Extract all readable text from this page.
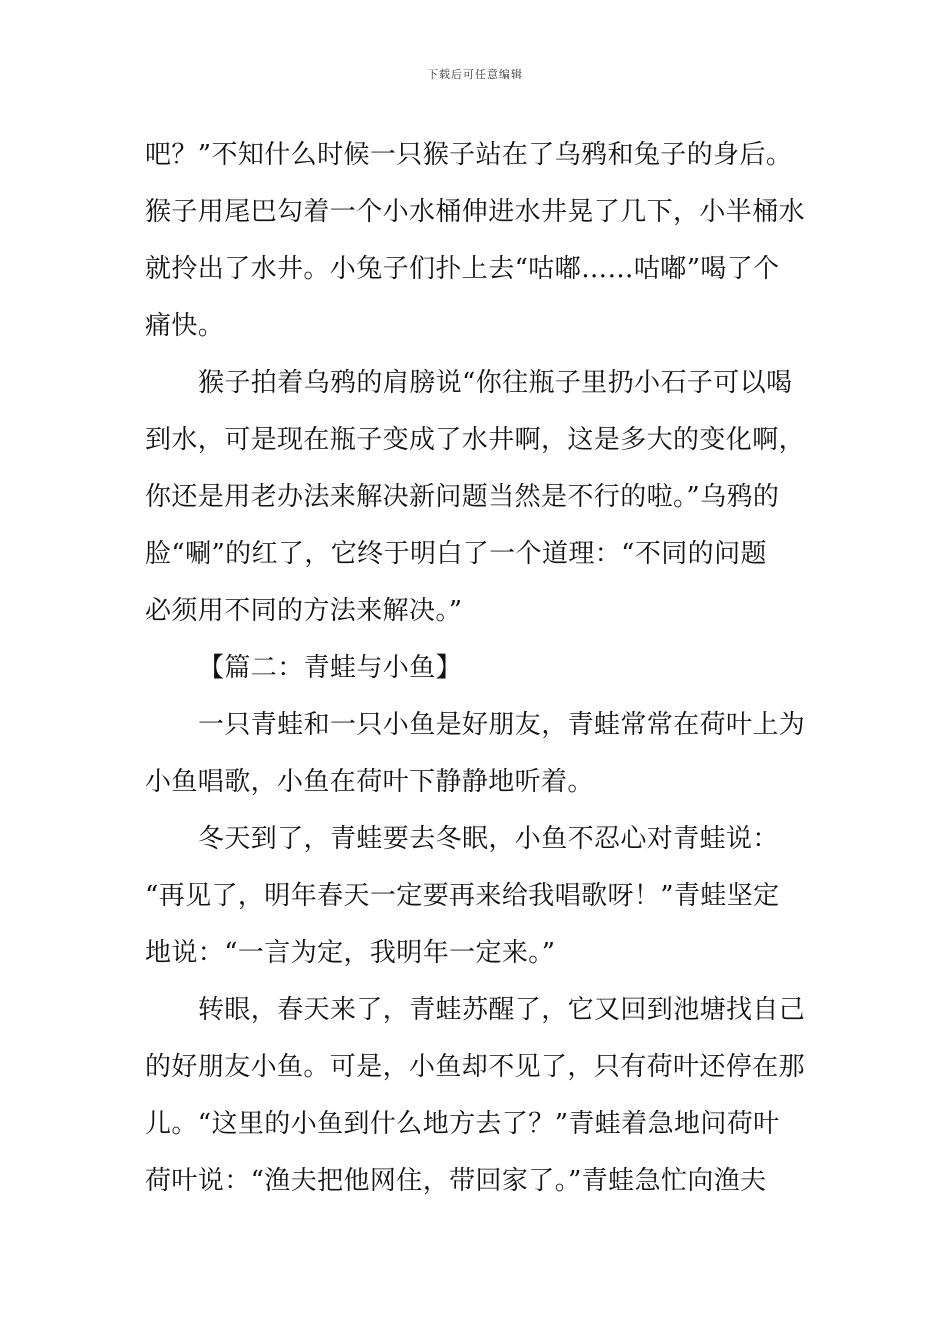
下载后可任意编辑
吧？”不知什么时候一只猴子站在了乌鸦和兔子的身后。
猴子用尾巴勾着一个小水桶伸进水井晃了几下，小半桶水
就拎出了水井。小兔子们扑上去“咕嘟……咕嘟”喝了个
痛快。
猴子拍着乌鸦的肩膀说“你往瓶子里扔小石子可以喝
到水，可是现在瓶子变成了水井啊，这是多大的变化啊，
你还是用老办法来解决新问题当然是不行的啦。”乌鸦的
脸“唰”的红了，它终于明白了一个道理：“不同的问题
必须用不同的方法来解决。”
【篇二：青蛙与小鱼】
一只青蛙和一只小鱼是好朋友，青蛙常常在荷叶上为
小鱼唱歌，小鱼在荷叶下静静地听着。
冬天到了，青蛙要去冬眠，小鱼不忍心对青蛙说：
“再见了，明年春天一定要再来给我唱歌呀！”青蛙坚定
地说：“一言为定，我明年一定来。”
转眼，春天来了，青蛙苏醒了，它又回到池塘找自己
的好朋友小鱼。可是，小鱼却不见了，只有荷叶还停在那
儿。“这里的小鱼到什么地方去了？”青蛙着急地问荷叶
荷叶说：“渔夫把他网住，带回家了。”青蛙急忙向渔夫
